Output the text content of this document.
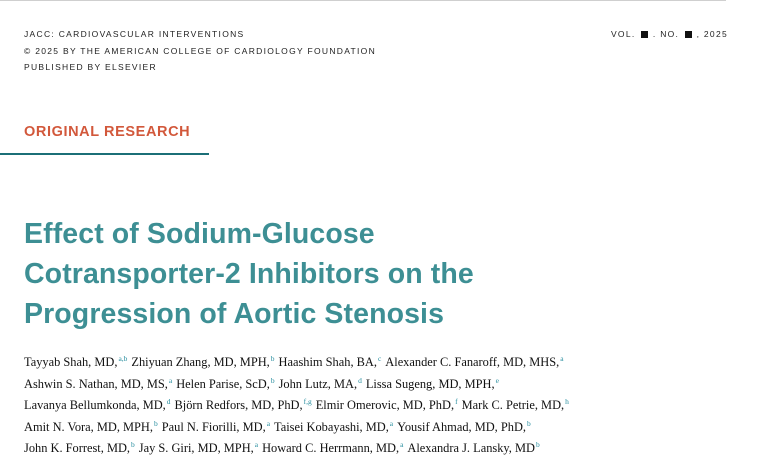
JACC: CARDIOVASCULAR INTERVENTIONS
© 2025 BY THE AMERICAN COLLEGE OF CARDIOLOGY FOUNDATION
PUBLISHED BY ELSEVIER
VOL. . NO. , 2025
ORIGINAL RESEARCH
Effect of Sodium-Glucose
Cotransporter-2 Inhibitors on the
Progression of Aortic Stenosis
Tayyab Shah, MD,$^{a,b}$ Zhiyuan Zhang, MD, MPH,$^b$ Haashim Shah, BA,$^c$ Alexander C. Fanaroff, MD, MHS,$^a$
Ashwin S. Nathan, MD, MS,$^a$ Helen Parise, ScD,$^b$ John Lutz, MA,$^d$ Lissa Sugeng, MD, MPH,$^e$
Lavanya Bellumkonda, MD,$^d$ Björn Redfors, MD, PhD,$^{f,g}$ Elmir Omerovic, MD, PhD,$^f$ Mark C. Petrie, MD,$^h$
Amit N. Vora, MD, MPH,$^b$ Paul N. Fiorilli, MD,$^a$ Taisei Kobayashi, MD,$^a$ Yousif Ahmad, MD, PhD,$^b$
John K. Forrest, MD,$^b$ Jay S. Giri, MD, MPH,$^a$ Howard C. Herrmann, MD,$^a$ Alexandra J. Lansky, MD$^b$
